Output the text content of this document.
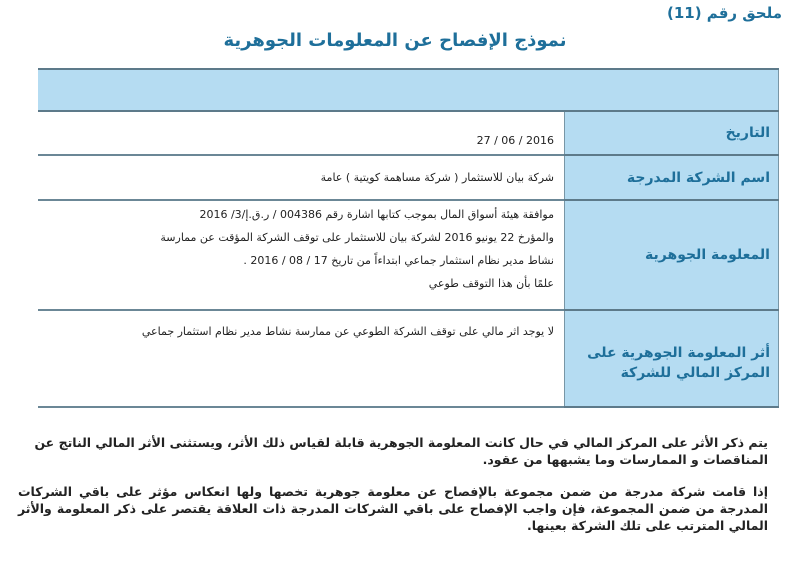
ملحق رقم (11)
نموذج الإفصاح عن المعلومات الجوهرية

التاريخ	2016 / 06 / 27
اسم الشركة المدرجة	شركة بيان للاستثمار ( شركة مساهمة كويتية ) عامة
المعلومة الجوهرية	موافقة هيئة أسواق المال بموجب كتابها اشارة رقم 004386 / ر.ق.إ/3/ 2016
والمؤرخ 22 يونيو 2016 لشركة بيان للاستثمار على توقف الشركة المؤقت عن ممارسة
نشاط مدير نظام استثمار جماعي ابتداءاً من تاريخ 17 / 08 / 2016 .
علمًا بأن هذا التوقف طوعي

أثر المعلومة الجوهرية على المركز المالي للشركة	لا يوجد اثر مالي على توقف الشركة الطوعي عن ممارسة نشاط مدير نظام استثمار جماعي
يتم ذكر الأثر على المركز المالي في حال كانت المعلومة الجوهرية قابلة لقياس ذلك الأثر، ويستثنى الأثر المالي الناتج عن المناقصات و الممارسات وما يشبهها من عقود.
إذا قامت شركة مدرجة من ضمن مجموعة بالإفصاح عن معلومة جوهرية تخصها ولها انعكاس مؤثر على باقي الشركات المدرجة من ضمن المجموعة، فإن واجب الإفصاح على باقي الشركات المدرجة ذات العلاقة يقتصر على ذكر المعلومة والأثر المالي المترتب على تلك الشركة بعينها.
